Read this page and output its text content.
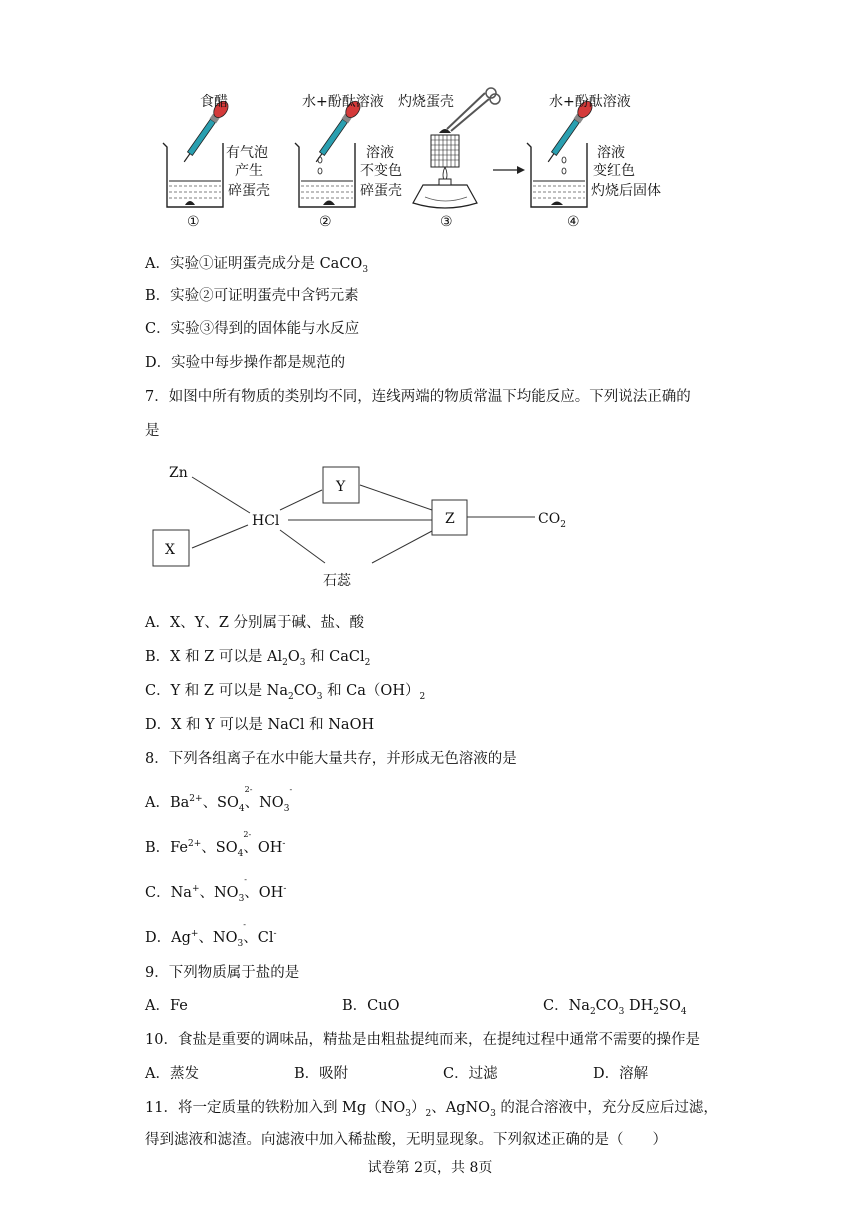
食醋	水+酚酞溶液 灼烧蛋壳	水+酚酞溶液
有气泡
产生
碎蛋壳
溶液
不变色
碎蛋壳
溶液
变红色
灼烧后固体
①	②	③	④
A．实验①证明蛋壳成分是 CaCO$_3$
B．实验②可证明蛋壳中含钙元素
C．实验③得到的固体能与水反应
D．实验中每步操作都是规范的
7．如图中所有物质的类别均不同，连线两端的物质常温下均能反应。下列说法正确的
是
Zn
X
HCl
Y
Z	$CO_2$
石蕊
A．X、Y、Z 分别属于碱、盐、酸
B．X 和 Z 可以是 $Al_2O_3$ 和 CaCl$_2$
C．Y 和 Z 可以是 $Na_2CO_3$ 和 $Ca(OH)_2$
D．X 和 Y 可以是 NaCl 和 NaOH
8．下列各组离子在水中能大量共存，并形成无色溶液的是
A．$Ba^{2+}$、$SO_4$
2-
、$NO_3$
-
B．$Fe^{2+}$、$SO_4$
2-
、OH-
C．Na+、$NO_3$
-
、OH-
D．Ag+、$NO_3$
-
、Cl-
9．下列物质属于盐的是
A．Fe	B．CuO	C．$Na_2CO_3$ $DH_2SO_4$
10．食盐是重要的调味品，精盐是由粗盐提纯而来，在提纯过程中通常不需要的操作是
A．蒸发	B．吸附	C．过滤	D．溶解
11．将一定质量的铁粉加入到 $Mg(NO_3)_2$、AgNO$_3$ 的混合溶液中，充分反应后过滤，
得到滤液和滤渣。向滤液中加入稀盐酸，无明显现象。下列叙述正确的是（　　）
试卷第 2页，共 8页
